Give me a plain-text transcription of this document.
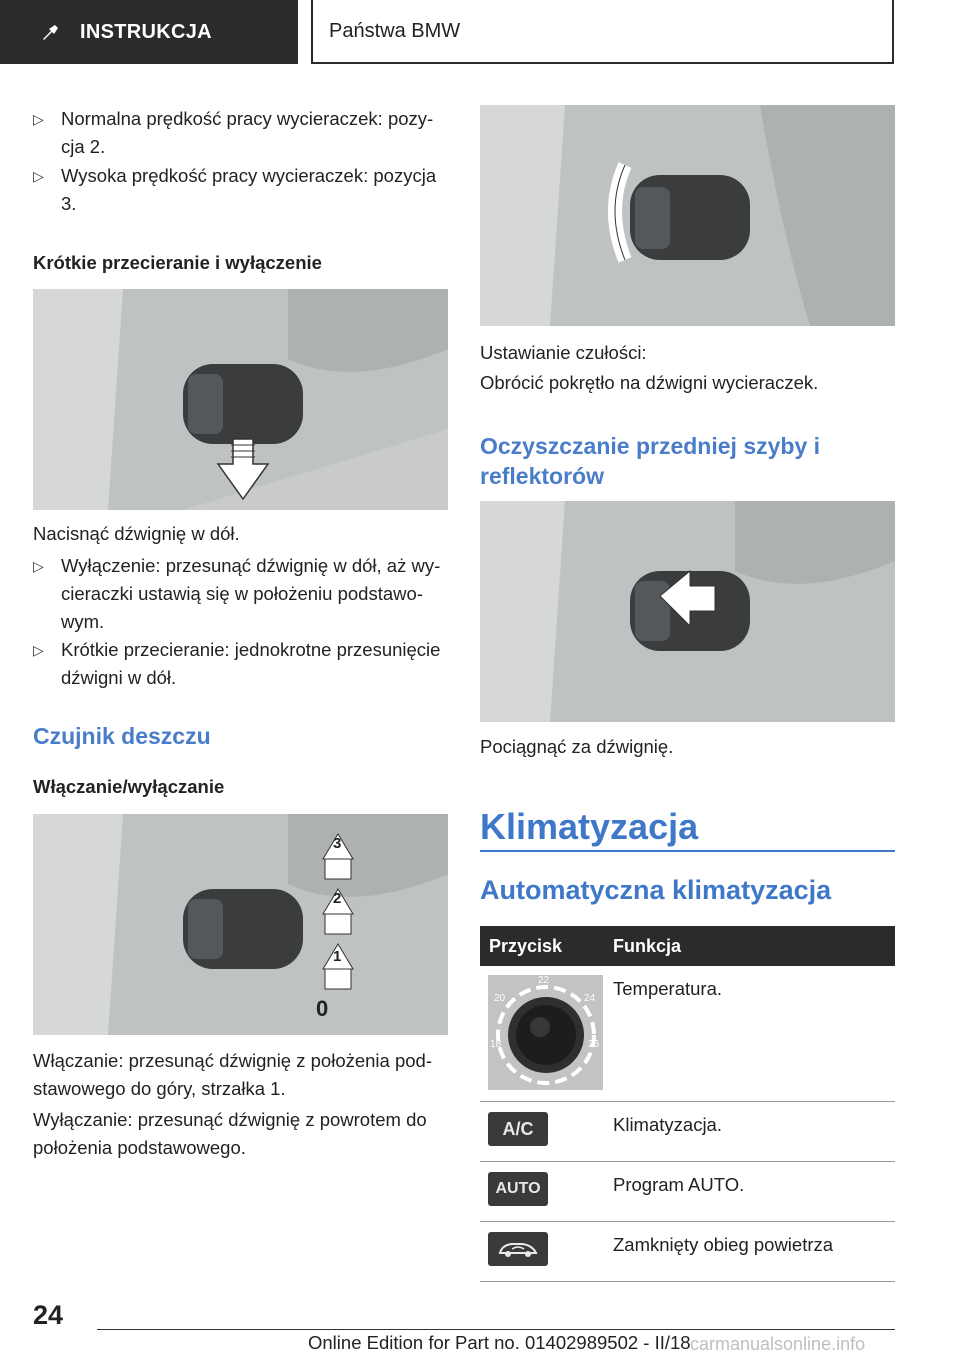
INSTRUKCJA	Państwa BMW
▷ Normalna prędkość pracy wycieraczek: pozycja 2.
▷ Wysoka prędkość pracy wycieraczek: pozycja 3.
Krótkie przecieranie i wyłączenie
Nacisnąć dźwignię w dół.
▷ Wyłączenie: przesunąć dźwignię w dół, aż wycieraczki ustawią się w położeniu podstawowym.
▷ Krótkie przecieranie: jednokrotne przesunięcie dźwigni w dół.
Czujnik deszczu
Włączanie/wyłączanie
3
2
1
0
Włączanie: przesunąć dźwignię z położenia podstawowego do góry, strzałka 1.
Wyłączanie: przesunąć dźwignię z powrotem do położenia podstawowego.
Ustawianie czułości:
Obrócić pokrętło na dźwigni wycieraczek.
Oczyszczanie przedniej szyby i reflektorów
Pociągnąć za dźwignię.
Klimatyzacja
Automatyczna klimatyzacja
Przycisk	Funkcja

22
20 24
18 26	Temperatura.

A/C	Klimatyzacja.

AUTO	Program AUTO.

	Zamknięty obieg powietrza
24
Online Edition for Part no. 01402989502 - II/18 carmanualsonline.info
